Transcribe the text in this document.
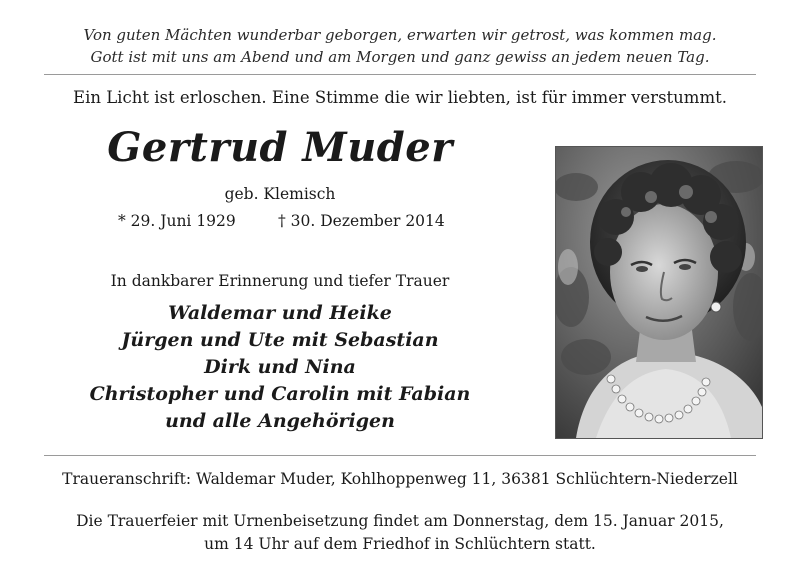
Von guten Mächten wunderbar geborgen, erwarten wir getrost, was kommen mag.
Gott ist mit uns am Abend und am Morgen und ganz gewiss an jedem neuen Tag.
Ein Licht ist erloschen. Eine Stimme die wir liebten, ist für immer verstummt.
Gertrud Muder
geb. Klemisch
* 29. Juni 1929	† 30. Dezember 2014
In dankbarer Erinnerung und tiefer Trauer
Waldemar und Heike
Jürgen und Ute mit Sebastian
Dirk und Nina
Christopher und Carolin mit Fabian
und alle Angehörigen
Traueranschrift: Waldemar Muder, Kohlhoppenweg 11, 36381 Schlüchtern-Niederzell
Die Trauerfeier mit Urnenbeisetzung findet am Donnerstag, dem 15. Januar 2015,
um 14 Uhr auf dem Friedhof in Schlüchtern statt.
